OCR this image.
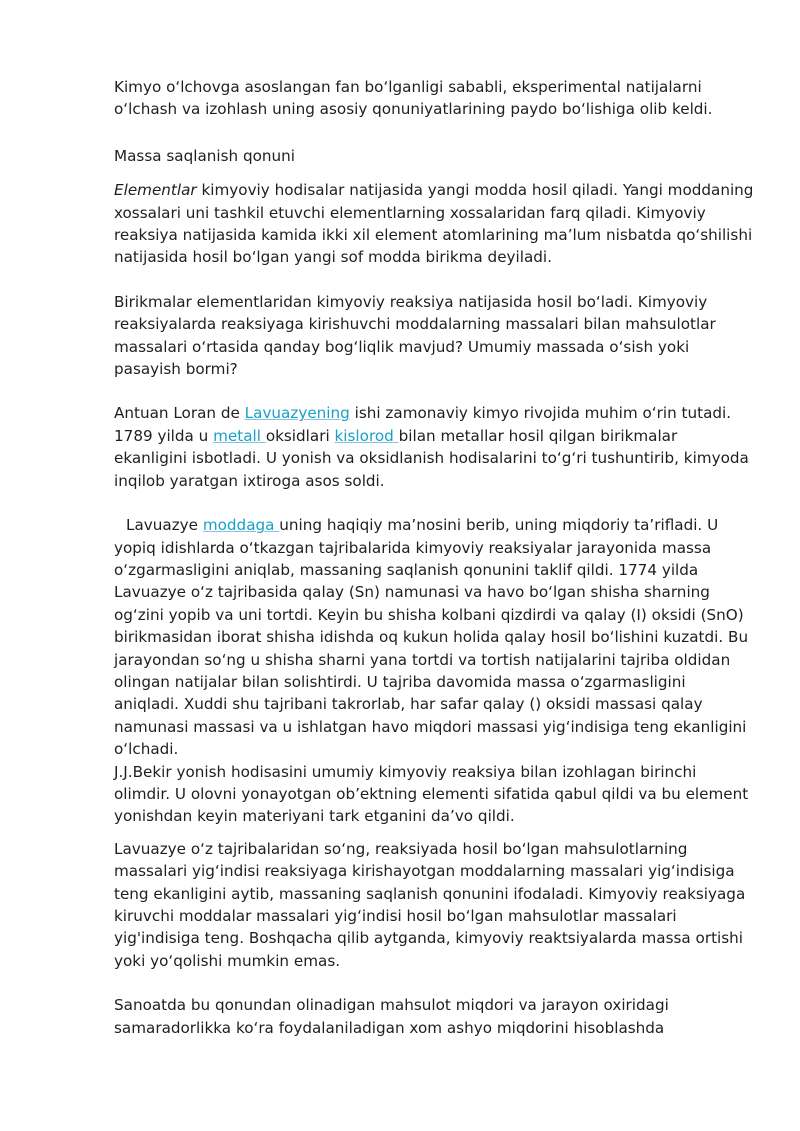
Kimyo o‘lchovga asoslangan fan bo‘lganligi sababli, eksperimental natijalarni o‘lchash va izohlash uning asosiy qonuniyatlarining paydo bo‘lishiga olib keldi.

Massa saqlanish qonuni

Elementlar kimyoviy hodisalar natijasida yangi modda hosil qiladi. Yangi moddaning xossalari uni tashkil etuvchi elementlarning xossalaridan farq qiladi. Kimyoviy reaksiya natijasida kamida ikki xil element atomlarining ma’lum nisbatda qo‘shilishi natijasida hosil bo‘lgan yangi sof modda birikma deyiladi.

Birikmalar elementlaridan kimyoviy reaksiya natijasida hosil bo‘ladi. Kimyoviy reaksiyalarda reaksiyaga kirishuvchi moddalarning massalari bilan mahsulotlar massalari o‘rtasida qanday bog‘liqlik mavjud? Umumiy massada o‘sish yoki pasayish bormi?

Antuan Loran de Lavuazyening ishi zamonaviy kimyo rivojida muhim o‘rin tutadi. 1789 yilda u metall oksidlari kislorod bilan metallar hosil qilgan birikmalar ekanligini isbotladi. U yonish va oksidlanish hodisalarini to‘g‘ri tushuntirib, kimyoda inqilob yaratgan ixtiroga asos soldi.

Lavuazye moddaga uning haqiqiy ma’nosini berib, uning miqdoriy ta’rifladi. U yopiq idishlarda o‘tkazgan tajribalarida kimyoviy reaksiyalar jarayonida massa o‘zgarmasligini aniqlab, massaning saqlanish qonunini taklif qildi. 1774 yilda Lavuazye o‘z tajribasida qalay (Sn) namunasi va havo bo‘lgan shisha sharning og‘zini yopib va uni tortdi. Keyin bu shisha kolbani qizdirdi va qalay (I) oksidi (SnO) birikmasidan iborat shisha idishda oq kukun holida qalay hosil bo‘lishini kuzatdi. Bu jarayondan so‘ng u shisha sharni yana tortdi va tortish natijalarini tajriba oldidan olingan natijalar bilan solishtirdi. U tajriba davomida massa o‘zgarmasligini aniqladi. Xuddi shu tajribani takrorlab, har safar qalay () oksidi massasi qalay namunasi massasi va u ishlatgan havo miqdori massasi yig‘indisiga teng ekanligini o‘lchadi.

J.J.Bekir yonish hodisasini umumiy kimyoviy reaksiya bilan izohlagan birinchi olimdir. U olovni yonayotgan ob’ektning elementi sifatida qabul qildi va bu element yonishdan keyin materiyani tark etganini da’vo qildi.

Lavuazye o‘z tajribalaridan so‘ng, reaksiyada hosil bo‘lgan mahsulotlarning massalari yig‘indisi reaksiyaga kirishayotgan moddalarning massalari yig‘indisiga teng ekanligini aytib, massaning saqlanish qonunini ifodaladi. Kimyoviy reaksiyaga kiruvchi moddalar massalari yig‘indisi hosil bo‘lgan mahsulotlar massalari yig'indisiga teng. Boshqacha qilib aytganda, kimyoviy reaktsiyalarda massa ortishi yoki yo‘qolishi mumkin emas.

Sanoatda bu qonundan olinadigan mahsulot miqdori va jarayon oxiridagi samaradorlikka ko‘ra foydalaniladigan xom ashyo miqdorini hisoblashda
